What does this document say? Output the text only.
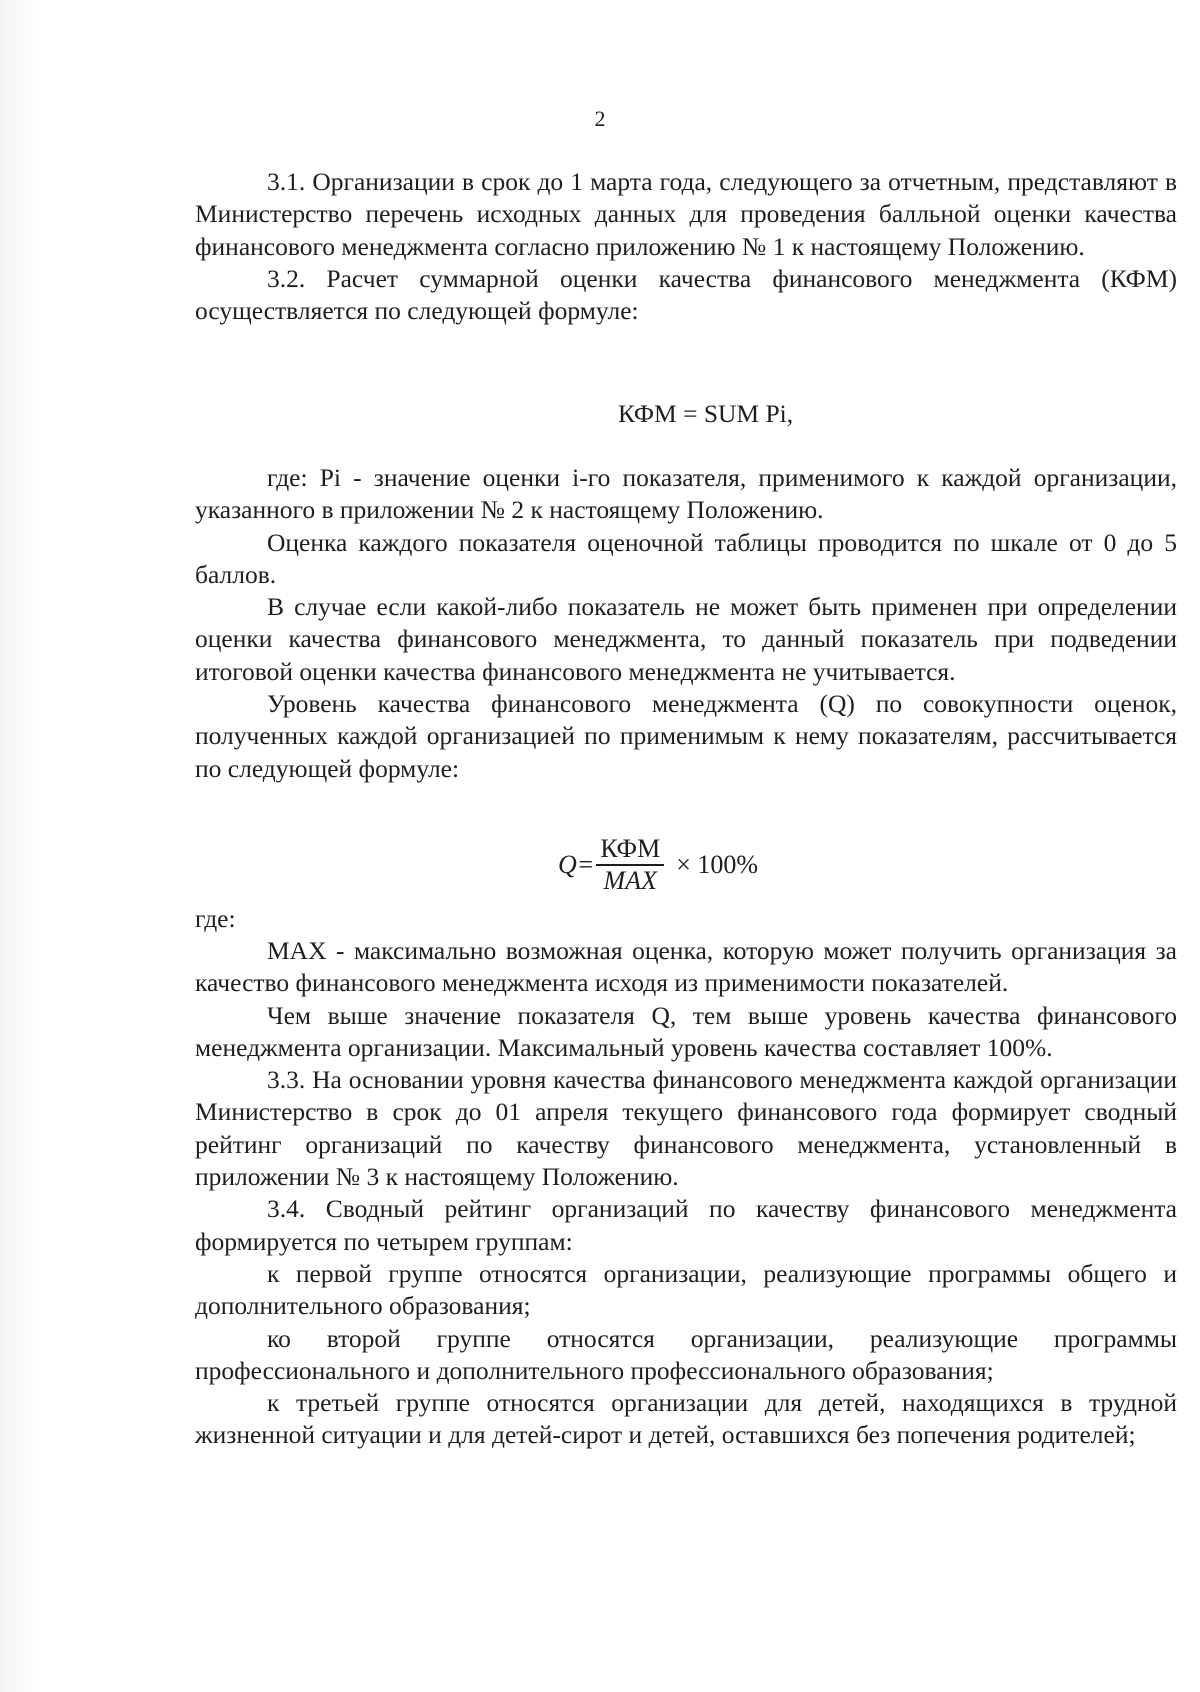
2

3.1. Организации в срок до 1 марта года, следующего за отчетным, представляют в Министерство перечень исходных данных для проведения балльной оценки качества финансового менеджмента согласно приложению № 1 к настоящему Положению.

3.2. Расчет суммарной оценки качества финансового менеджмента (КФМ) осуществляется по следующей формуле:

КФМ = SUM Pi,

где: Pi - значение оценки i-го показателя, применимого к каждой организации, указанного в приложении № 2 к настоящему Положению.

Оценка каждого показателя оценочной таблицы проводится по шкале от 0 до 5 баллов.

В случае если какой-либо показатель не может быть применен при определении оценки качества финансового менеджмента, то данный показатель при подведении итоговой оценки качества финансового менеджмента не учитывается.

Уровень качества финансового менеджмента (Q) по совокупности оценок, полученных каждой организацией по применимым к нему показателям, рассчитывается по следующей формуле:

$Q= \frac{\text{КФМ}}{\text{MAX}} \times 100\%$

где:

MAX - максимально возможная оценка, которую может получить организация за качество финансового менеджмента исходя из применимости показателей.

Чем выше значение показателя Q, тем выше уровень качества финансового менеджмента организации. Максимальный уровень качества составляет 100%.

3.3. На основании уровня качества финансового менеджмента каждой организации Министерство в срок до 01 апреля текущего финансового года формирует сводный рейтинг организаций по качеству финансового менеджмента, установленный в приложении № 3 к настоящему Положению.

3.4. Сводный рейтинг организаций по качеству финансового менеджмента формируется по четырем группам:

к первой группе относятся организации, реализующие программы общего и дополнительного образования;

ко второй группе относятся организации, реализующие программы профессионального и дополнительного профессионального образования;

к третьей группе относятся организации для детей, находящихся в трудной жизненной ситуации и для детей-сирот и детей, оставшихся без попечения родителей;
